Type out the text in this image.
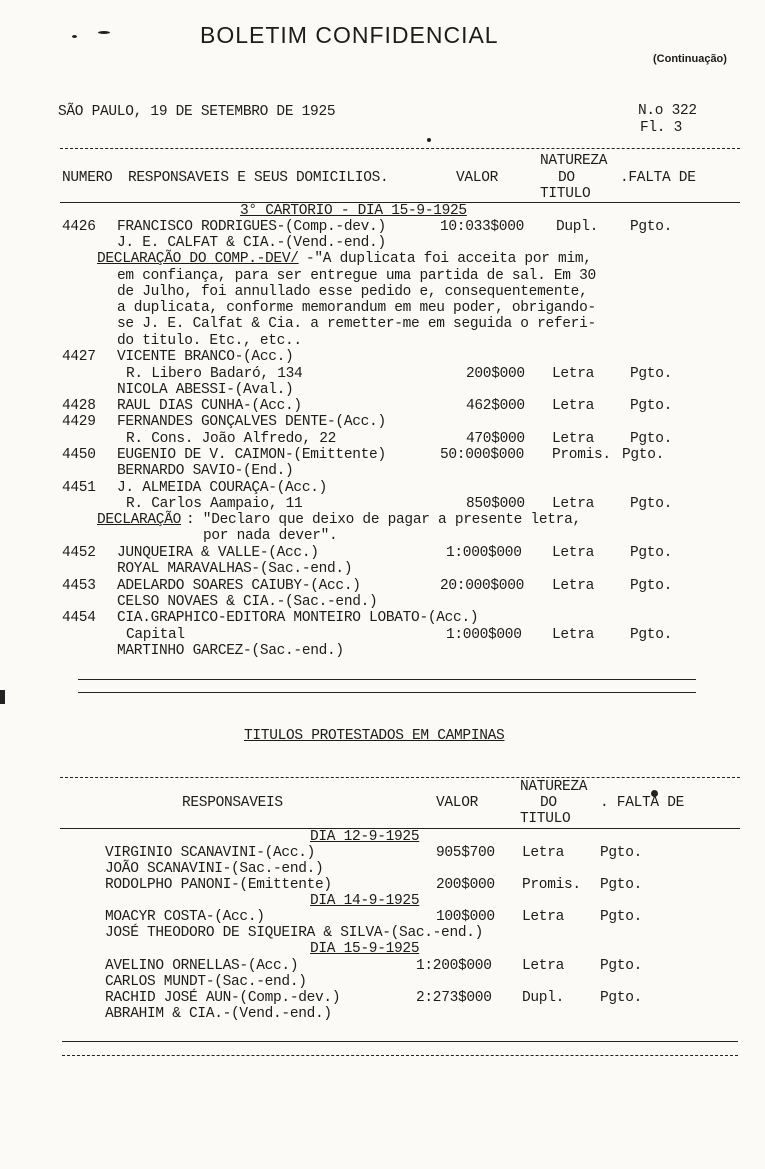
BOLETIM CONFIDENCIAL
(Continuação)
SÃO PAULO, 19 DE SETEMBRO DE 1925	N.o 322
Fl. 3
NUMERO RESPONSAVEIS E SEUS DOMICILIOS.	VALOR
NATUREZA
DO
TITULO
.FALTA DE
3° CARTORIO - DIA 15-9-1925
4426 FRANCISCO RODRIGUES-(Comp.-dev.)	10:033$000 Dupl. Pgto.
J. E. CALFAT & CIA.-(Vend.-end.)
DECLARAÇÃO DO COMP.-DEV/ -"A duplicata foi acceita por mim,
em confiança, para ser entregue uma partida de sal. Em 30
de Julho, foi annullado esse pedido e, consequentemente,
a duplicata, conforme memorandum em meu poder, obrigando-
se J. E. Calfat & Cia. a remetter-me em seguida o referi-
do titulo. Etc., etc..
4427 VICENTE BRANCO-(Acc.)
R. Libero Badaró, 134	200$000 Letra Pgto.
NICOLA ABESSI-(Aval.)
4428 RAUL DIAS CUNHA-(Acc.)	462$000 Letra Pgto.
4429 FERNANDES GONÇALVES DENTE-(Acc.)
R. Cons. João Alfredo, 22	470$000 Letra Pgto.
4450 EUGENIO DE V. CAIMON-(Emittente)	50:000$000 Promis. Pgto.
BERNARDO SAVIO-(End.)
4451 J. ALMEIDA COURAÇA-(Acc.)
R. Carlos Aampaio, 11	850$000 Letra Pgto.
DECLARAÇÃO : "Declaro que deixo de pagar a presente letra,
por nada dever".
4452 JUNQUEIRA & VALLE-(Acc.)	1:000$000 Letra Pgto.
ROYAL MARAVALHAS-(Sac.-end.)
4453 ADELARDO SOARES CAIUBY-(Acc.)	20:000$000 Letra Pgto.
CELSO NOVAES & CIA.-(Sac.-end.)
4454 CIA.GRAPHICO-EDITORA MONTEIRO LOBATO-(Acc.)
Capital	1:000$000 Letra Pgto.
MARTINHO GARCEZ-(Sac.-end.)
TITULOS PROTESTADOS EM CAMPINAS
RESPONSAVEIS	VALOR
NATUREZA
DO
TITULO
. FALTA DE
DIA 12-9-1925
VIRGINIO SCANAVINI-(Acc.)	905$700 Letra Pgto.
JOÃO SCANAVINI-(Sac.-end.)
RODOLPHO PANONI-(Emittente)	200$000 Promis. Pgto.
DIA 14-9-1925
MOACYR COSTA-(Acc.)	100$000 Letra Pgto.
JOSÉ THEODORO DE SIQUEIRA & SILVA-(Sac.-end.)
DIA 15-9-1925
AVELINO ORNELLAS-(Acc.)	1:200$000 Letra Pgto.
CARLOS MUNDT-(Sac.-end.)
RACHID JOSÉ AUN-(Comp.-dev.)	2:273$000 Dupl. Pgto.
ABRAHIM & CIA.-(Vend.-end.)
